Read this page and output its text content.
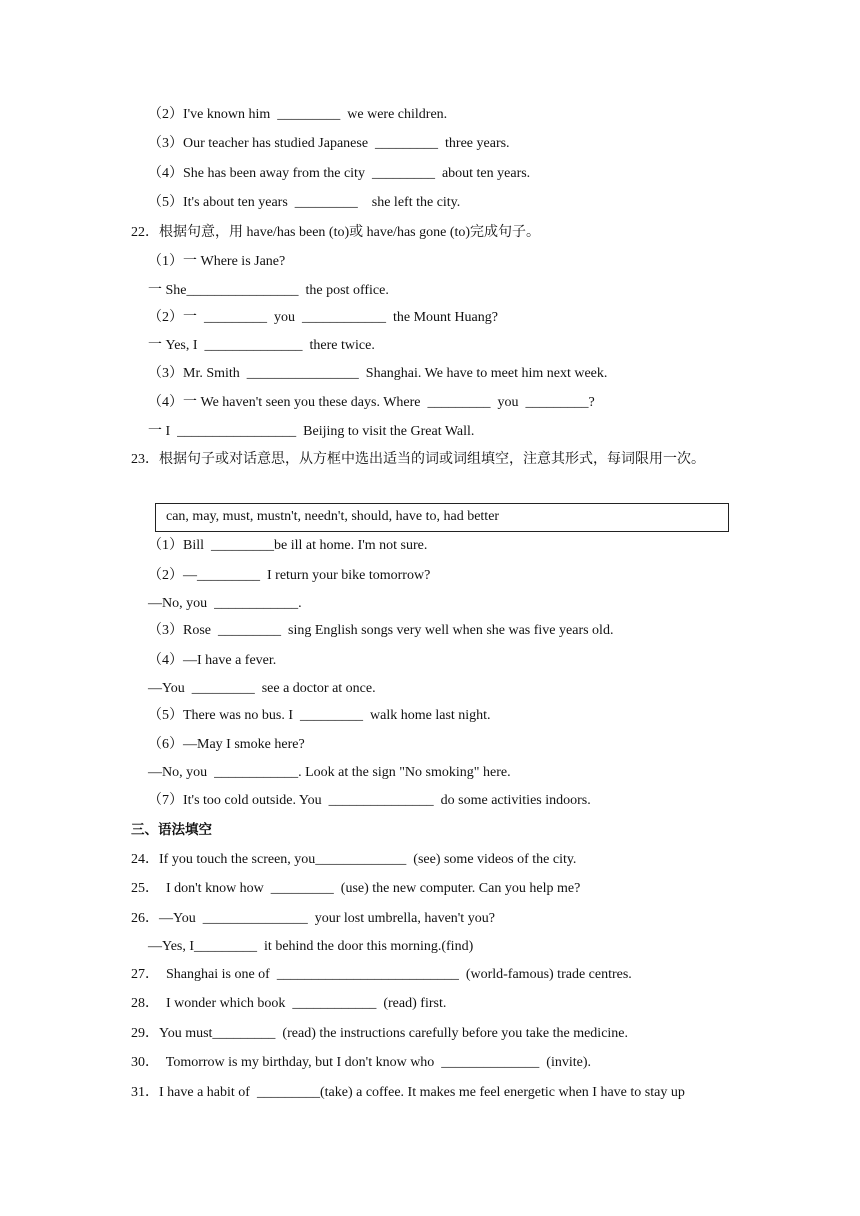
（2）I've known him  _________  we were children.
（3）Our teacher has studied Japanese  _________  three years.
（4）She has been away from the city  _________  about ten years.
（5）It's about ten years  _________    she left the city.
22．根据句意，用 have/has been (to)或 have/has gone (to)完成句子。
（1）一 Where is Jane?
一 She________________  the post office.
（2）一  _________  you  ____________  the Mount Huang?
一 Yes, I  ______________  there twice.
（3）Mr. Smith  ________________  Shanghai. We have to meet him next week.
（4）一 We haven't seen you these days. Where  _________  you  _________?
一 I  _________________  Beijing to visit the Great Wall.
23．根据句子或对话意思，从方框中选出适当的词或词组填空，注意其形式，每词限用一次。
can, may, must, mustn't, needn't, should, have to, had better
（1）Bill  _________be ill at home. I'm not sure.
（2）—_________  I return your bike tomorrow?
—No, you  ____________.
（3）Rose  _________  sing English songs very well when she was five years old.
（4）—I have a fever.
—You  _________  see a doctor at once.
（5）There was no bus. I  _________  walk home last night.
（6）—May I smoke here?
—No, you  ____________. Look at the sign "No smoking" here.
（7）It's too cold outside. You  _______________  do some activities indoors.
三、语法填空
24．If you touch the screen, you_____________  (see) some videos of the city.
25．  I don't know how  _________  (use) the new computer. Can you help me?
26．—You  _______________  your lost umbrella, haven't you?
—Yes, I_________  it behind the door this morning.(find)
27．  Shanghai is one of  __________________________  (world-famous) trade centres.
28．  I wonder which book  ____________  (read) first.
29．You must_________  (read) the instructions carefully before you take the medicine.
30．  Tomorrow is my birthday, but I don't know who  ______________  (invite).
31．I have a habit of  _________(take) a coffee. It makes me feel energetic when I have to stay up
